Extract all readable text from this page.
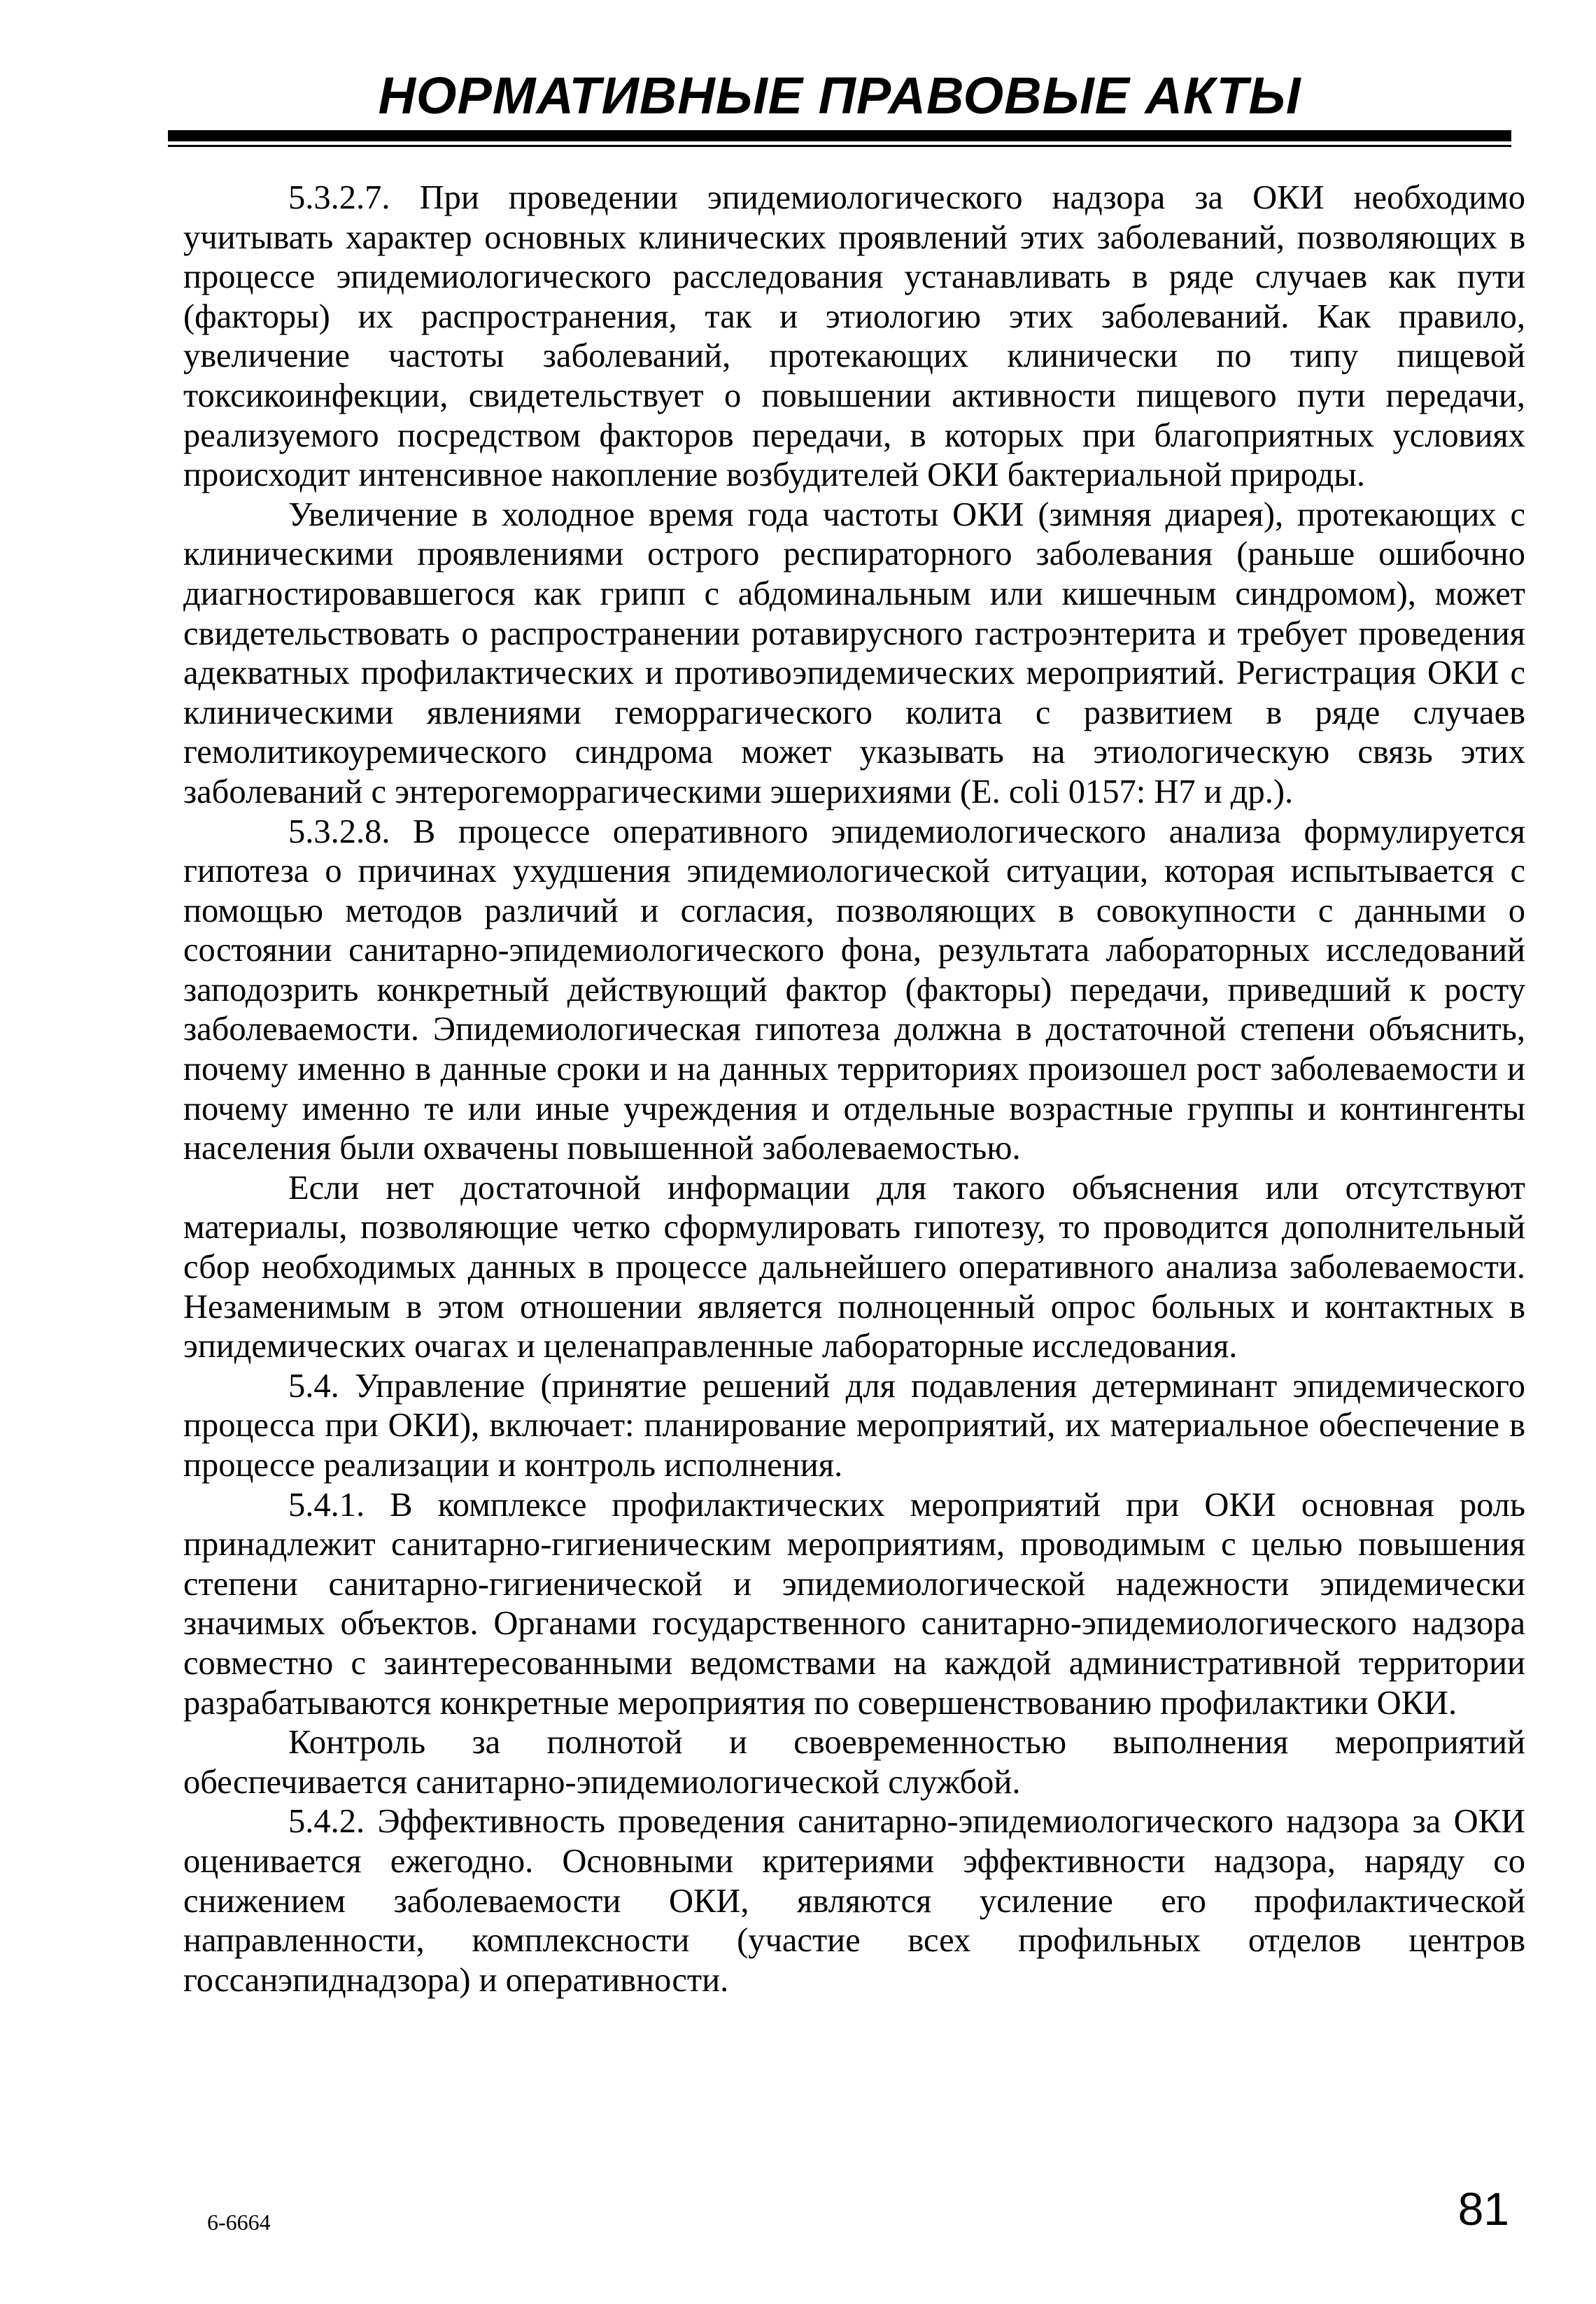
НОРМАТИВНЫЕ ПРАВОВЫЕ АКТЫ

5.3.2.7. При проведении эпидемиологического надзора за ОКИ необходимо учитывать характер основных клинических проявлений этих заболеваний, позволяющих в процессе эпидемиологического расследования устанавливать в ряде случаев как пути (факторы) их распространения, так и этиологию этих заболеваний. Как правило, увеличение частоты заболеваний, протекающих клинически по типу пищевой токсикоинфекции, свидетельствует о повышении активности пищевого пути передачи, реализуемого посредством факторов передачи, в которых при благоприятных условиях происходит интенсивное накопление возбудителей ОКИ бактериальной природы.

Увеличение в холодное время года частоты ОКИ (зимняя диарея), протекающих с клиническими проявлениями острого респираторного заболевания (раньше ошибочно диагностировавшегося как грипп с абдоминальным или кишечным синдромом), может свидетельствовать о распространении ротавирусного гастроэнтерита и требует проведения адекватных профилактических и противоэпидемических мероприятий. Регистрация ОКИ с клиническими явлениями геморрагического колита с развитием в ряде случаев гемолитикоуремического синдрома может указывать на этиологическую связь этих заболеваний с энтерогеморрагическими эшерихиями (E. coli 0157: H7 и др.).

5.3.2.8. В процессе оперативного эпидемиологического анализа формулируется гипотеза о причинах ухудшения эпидемиологической ситуации, которая испытывается с помощью методов различий и согласия, позволяющих в совокупности с данными о состоянии санитарно-эпидемиологического фона, результата лабораторных исследований заподозрить конкретный действующий фактор (факторы) передачи, приведший к росту заболеваемости. Эпидемиологическая гипотеза должна в достаточной степени объяснить, почему именно в данные сроки и на данных территориях произошел рост заболеваемости и почему именно те или иные учреждения и отдельные возрастные группы и контингенты населения были охвачены повышенной заболеваемостью.

Если нет достаточной информации для такого объяснения или отсутствуют материалы, позволяющие четко сформулировать гипотезу, то проводится дополнительный сбор необходимых данных в процессе дальнейшего оперативного анализа заболеваемости. Незаменимым в этом отношении является полноценный опрос больных и контактных в эпидемических очагах и целенаправленные лабораторные исследования.

5.4. Управление (принятие решений для подавления детерминант эпидемического процесса при ОКИ), включает: планирование мероприятий, их материальное обеспечение в процессе реализации и контроль исполнения.

5.4.1. В комплексе профилактических мероприятий при ОКИ основная роль принадлежит санитарно-гигиеническим мероприятиям, проводимым с целью повышения степени санитарно-гигиенической и эпидемиологической надежности эпидемически значимых объектов. Органами государственного санитарно-эпидемиологического надзора совместно с заинтересованными ведомствами на каждой административной территории разрабатываются конкретные мероприятия по совершенствованию профилактики ОКИ.

Контроль за полнотой и своевременностью выполнения мероприятий обеспечивается санитарно-эпидемиологической службой.

5.4.2. Эффективность проведения санитарно-эпидемиологического надзора за ОКИ оценивается ежегодно. Основными критериями эффективности надзора, наряду со снижением заболеваемости ОКИ, являются усиление его профилактической направленности, комплексности (участие всех профильных отделов центров госсанэпиднадзора) и оперативности.

6-6664	81
